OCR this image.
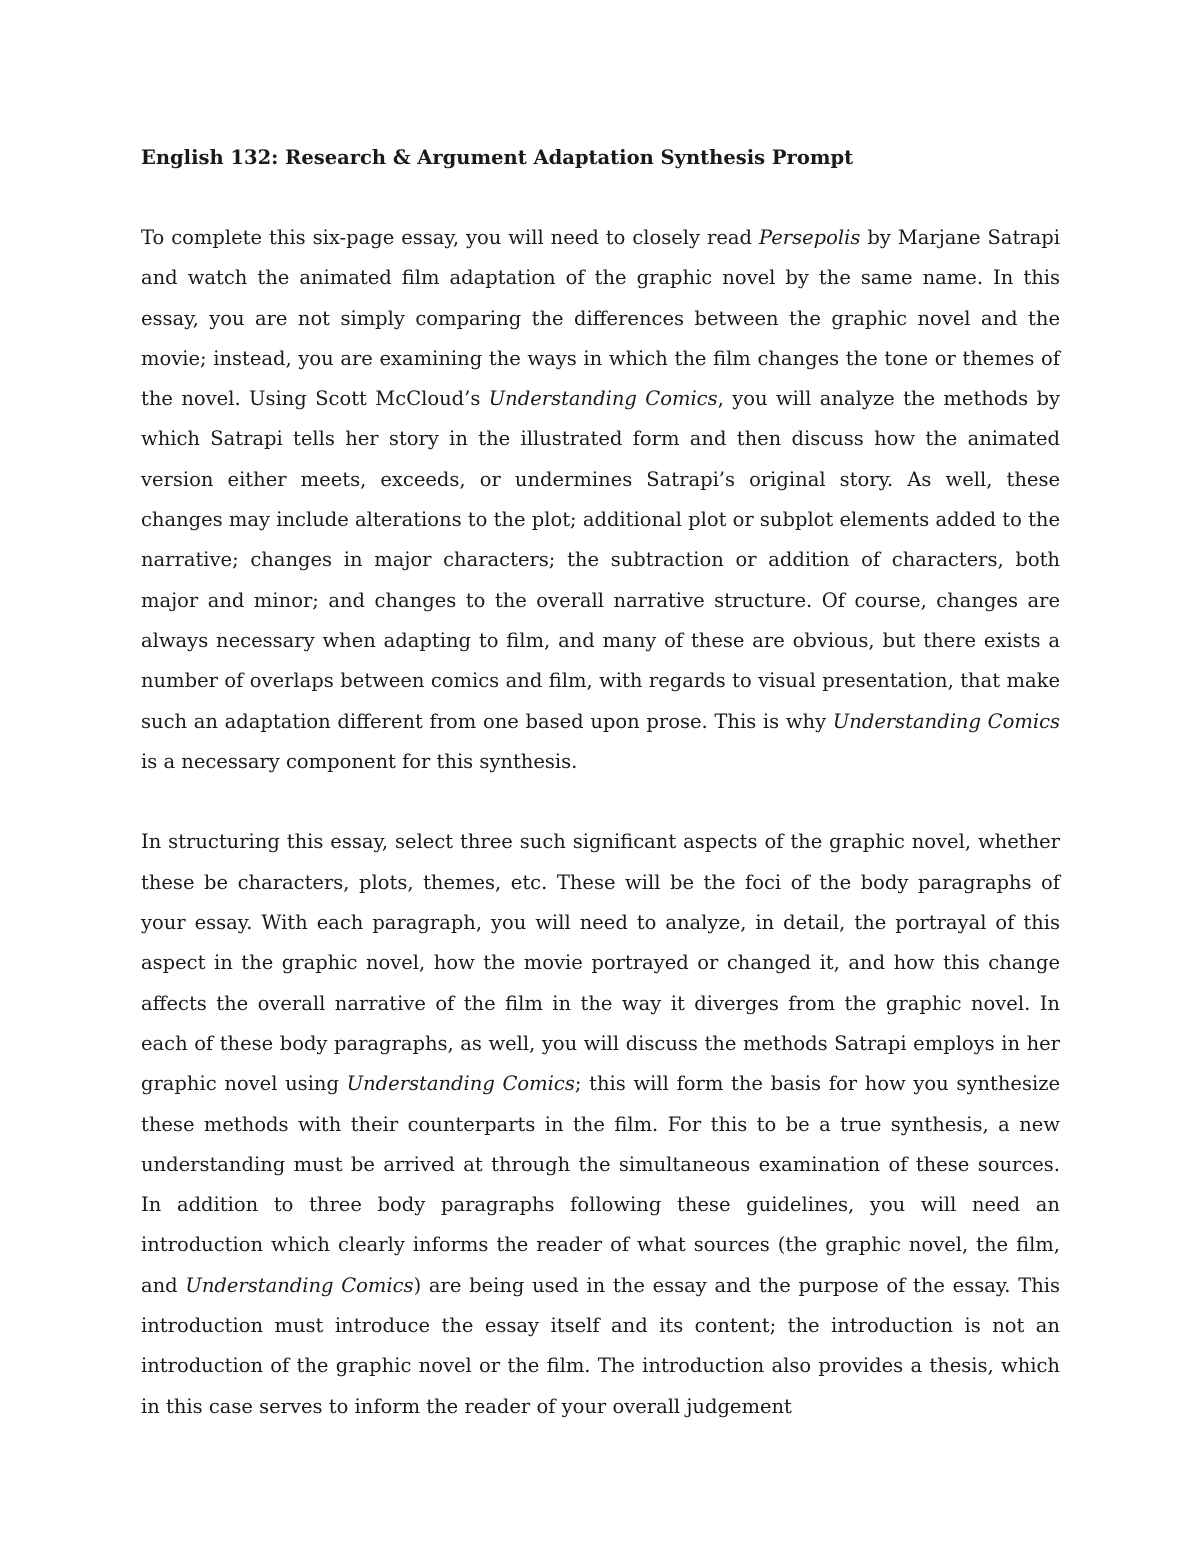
English 132: Research & Argument Adaptation Synthesis Prompt

To complete this six-page essay, you will need to closely read Persepolis by Marjane Satrapi and watch the animated film adaptation of the graphic novel by the same name. In this essay, you are not simply comparing the differences between the graphic novel and the movie; instead, you are examining the ways in which the film changes the tone or themes of the novel. Using Scott McCloud’s Understanding Comics, you will analyze the methods by which Satrapi tells her story in the illustrated form and then discuss how the animated version either meets, exceeds, or undermines Satrapi’s original story. As well, these changes may include alterations to the plot; additional plot or subplot elements added to the narrative; changes in major characters; the subtraction or addition of characters, both major and minor; and changes to the overall narrative structure. Of course, changes are always necessary when adapting to film, and many of these are obvious, but there exists a number of overlaps between comics and film, with regards to visual presentation, that make such an adaptation different from one based upon prose. This is why Understanding Comics is a necessary component for this synthesis.

In structuring this essay, select three such significant aspects of the graphic novel, whether these be characters, plots, themes, etc. These will be the foci of the body paragraphs of your essay. With each paragraph, you will need to analyze, in detail, the portrayal of this aspect in the graphic novel, how the movie portrayed or changed it, and how this change affects the overall narrative of the film in the way it diverges from the graphic novel. In each of these body paragraphs, as well, you will discuss the methods Satrapi employs in her graphic novel using Understanding Comics; this will form the basis for how you synthesize these methods with their counterparts in the film. For this to be a true synthesis, a new understanding must be arrived at through the simultaneous examination of these sources. In addition to three body paragraphs following these guidelines, you will need an introduction which clearly informs the reader of what sources (the graphic novel, the film, and Understanding Comics) are being used in the essay and the purpose of the essay. This introduction must introduce the essay itself and its content; the introduction is not an introduction of the graphic novel or the film. The introduction also provides a thesis, which in this case serves to inform the reader of your overall judgement
